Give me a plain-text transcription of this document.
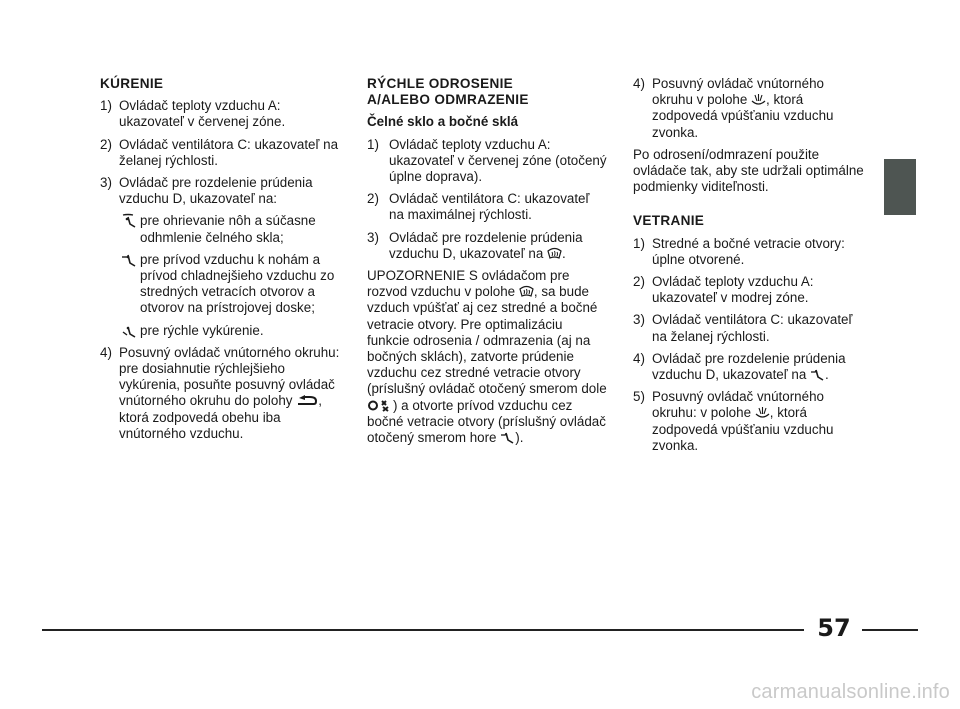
KÚRENIE
1) Ovládač teploty vzduchu A: ukazovateľ v červenej zóne.
2) Ovládač ventilátora C: ukazovateľ na želanej rýchlosti.
3) Ovládač pre rozdelenie prúdenia vzduchu D, ukazovateľ na:
pre ohrievanie nôh a súčasne odhmlenie čelného skla;
pre prívod vzduchu k nohám a prívod chladnejšieho vzduchu zo stredných vetracích otvorov a otvorov na prístrojovej doske;
pre rýchle vykúrenie.
4) Posuvný ovládač vnútorného okruhu: pre dosiahnutie rýchlejšieho vykúrenia, posuňte posuvný ovládač vnútorného okruhu do polohy , ktorá zodpovedá obehu iba vnútorného vzduchu.
RÝCHLE ODROSENIE
A/ALEBO ODMRAZENIE
Čelné sklo a bočné sklá
1) Ovládač teploty vzduchu A: ukazovateľ v červenej zóne (otočený úplne doprava).
2) Ovládač ventilátora C: ukazovateľ na maximálnej rýchlosti.
3) Ovládač pre rozdelenie prúdenia vzduchu D, ukazovateľ na .
UPOZORNENIE S ovládačom pre rozvod vzduchu v polohe , sa bude vzduch vpúšťať aj cez stredné a bočné vetracie otvory. Pre optimalizáciu funkcie odrosenia / odmrazenia (aj na bočných sklách), zatvorte prúdenie vzduchu cez stredné vetracie otvory (príslušný ovládač otočený smerom dole ) a otvorte prívod vzduchu cez bočné vetracie otvory (príslušný ovládač otočený smerom hore ).
4) Posuvný ovládač vnútorného okruhu v polohe , ktorá zodpovedá vpúšťaniu vzduchu zvonka.
Po odrosení/odmrazení použite ovládače tak, aby ste udržali optimálne podmienky viditeľnosti.
VETRANIE
1) Stredné a bočné vetracie otvory: úplne otvorené.
2) Ovládač teploty vzduchu A: ukazovateľ v modrej zóne.
3) Ovládač ventilátora C: ukazovateľ na želanej rýchlosti.
4) Ovládač pre rozdelenie prúdenia vzduchu D, ukazovateľ na .
5) Posuvný ovládač vnútorného okruhu: v polohe , ktorá zodpovedá vpúšťaniu vzduchu zvonka.
57
carmanualsonline.info
